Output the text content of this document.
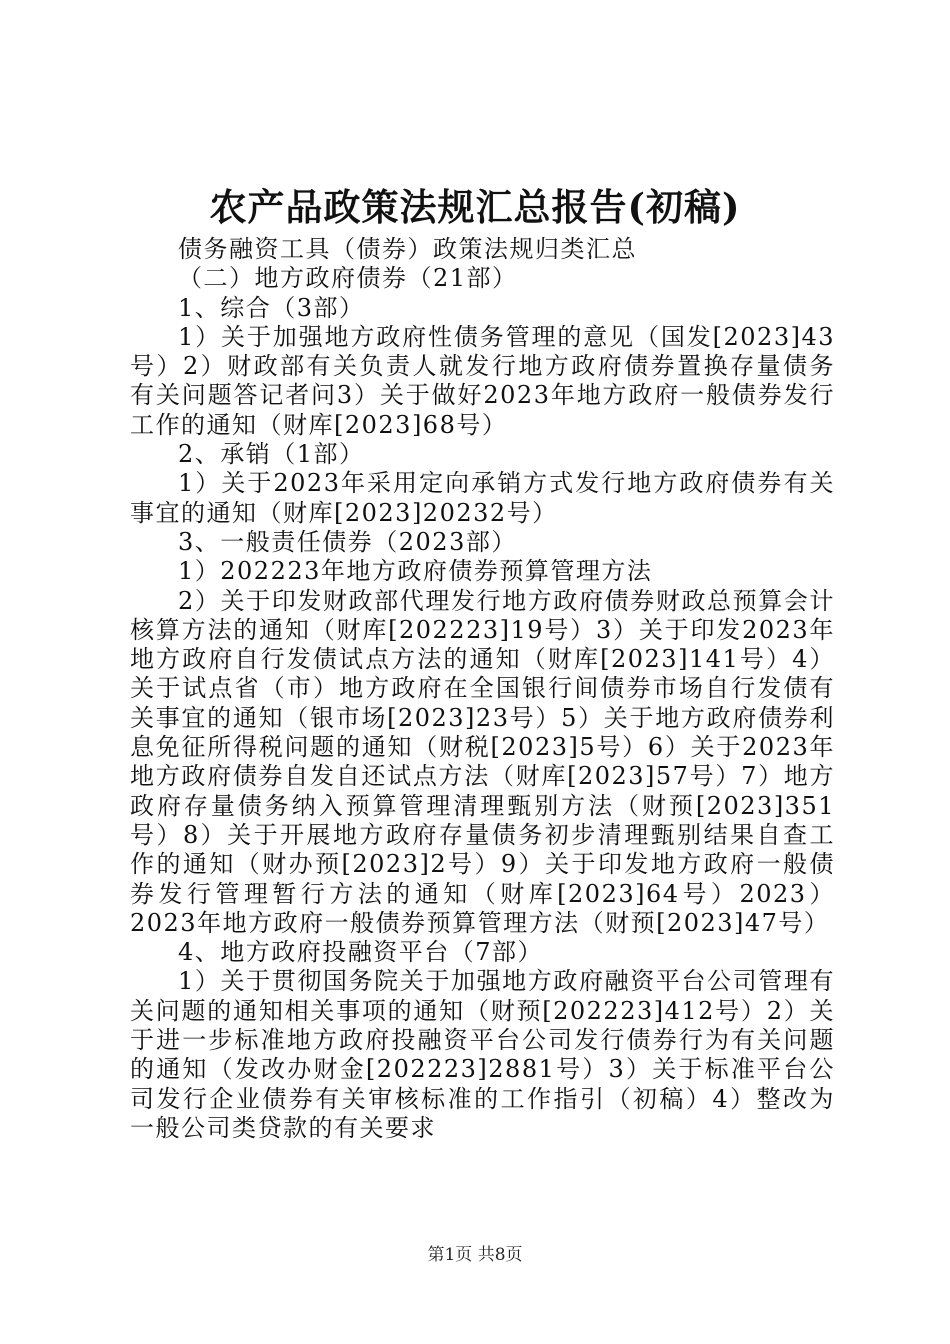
农产品政策法规汇总报告(初稿)

债务融资工具（债券）政策法规归类汇总

（二）地方政府债券（21部）

1、综合（3部）

1）关于加强地方政府性债务管理的意见（国发[2023]43号）2）财政部有关负责人就发行地方政府债券置换存量债务有关问题答记者问3）关于做好2023年地方政府一般债券发行工作的通知（财库[2023]68号）

2、承销（1部）

1）关于2023年采用定向承销方式发行地方政府债券有关事宜的通知（财库[2023]20232号）

3、一般责任债券（2023部）

1）202223年地方政府债券预算管理方法

2）关于印发财政部代理发行地方政府债券财政总预算会计核算方法的通知（财库[202223]19号）3）关于印发2023年地方政府自行发债试点方法的通知（财库[2023]141号）4）关于试点省（市）地方政府在全国银行间债券市场自行发债有关事宜的通知（银市场[2023]23号）5）关于地方政府债券利息免征所得税问题的通知（财税[2023]5号）6）关于2023年地方政府债券自发自还试点方法（财库[2023]57号）7）地方政府存量债务纳入预算管理清理甄别方法（财预[2023]351号）8）关于开展地方政府存量债务初步清理甄别结果自查工作的通知（财办预[2023]2号）9）关于印发地方政府一般债券发行管理暂行方法的通知（财库[2023]64号）2023）2023年地方政府一般债券预算管理方法（财预[2023]47号）

4、地方政府投融资平台（7部）

1）关于贯彻国务院关于加强地方政府融资平台公司管理有关问题的通知相关事项的通知（财预[202223]412号）2）关于进一步标准地方政府投融资平台公司发行债券行为有关问题的通知（发改办财金[202223]2881号）3）关于标准平台公司发行企业债券有关审核标准的工作指引（初稿）4）整改为一般公司类贷款的有关要求

第1页 共8页
